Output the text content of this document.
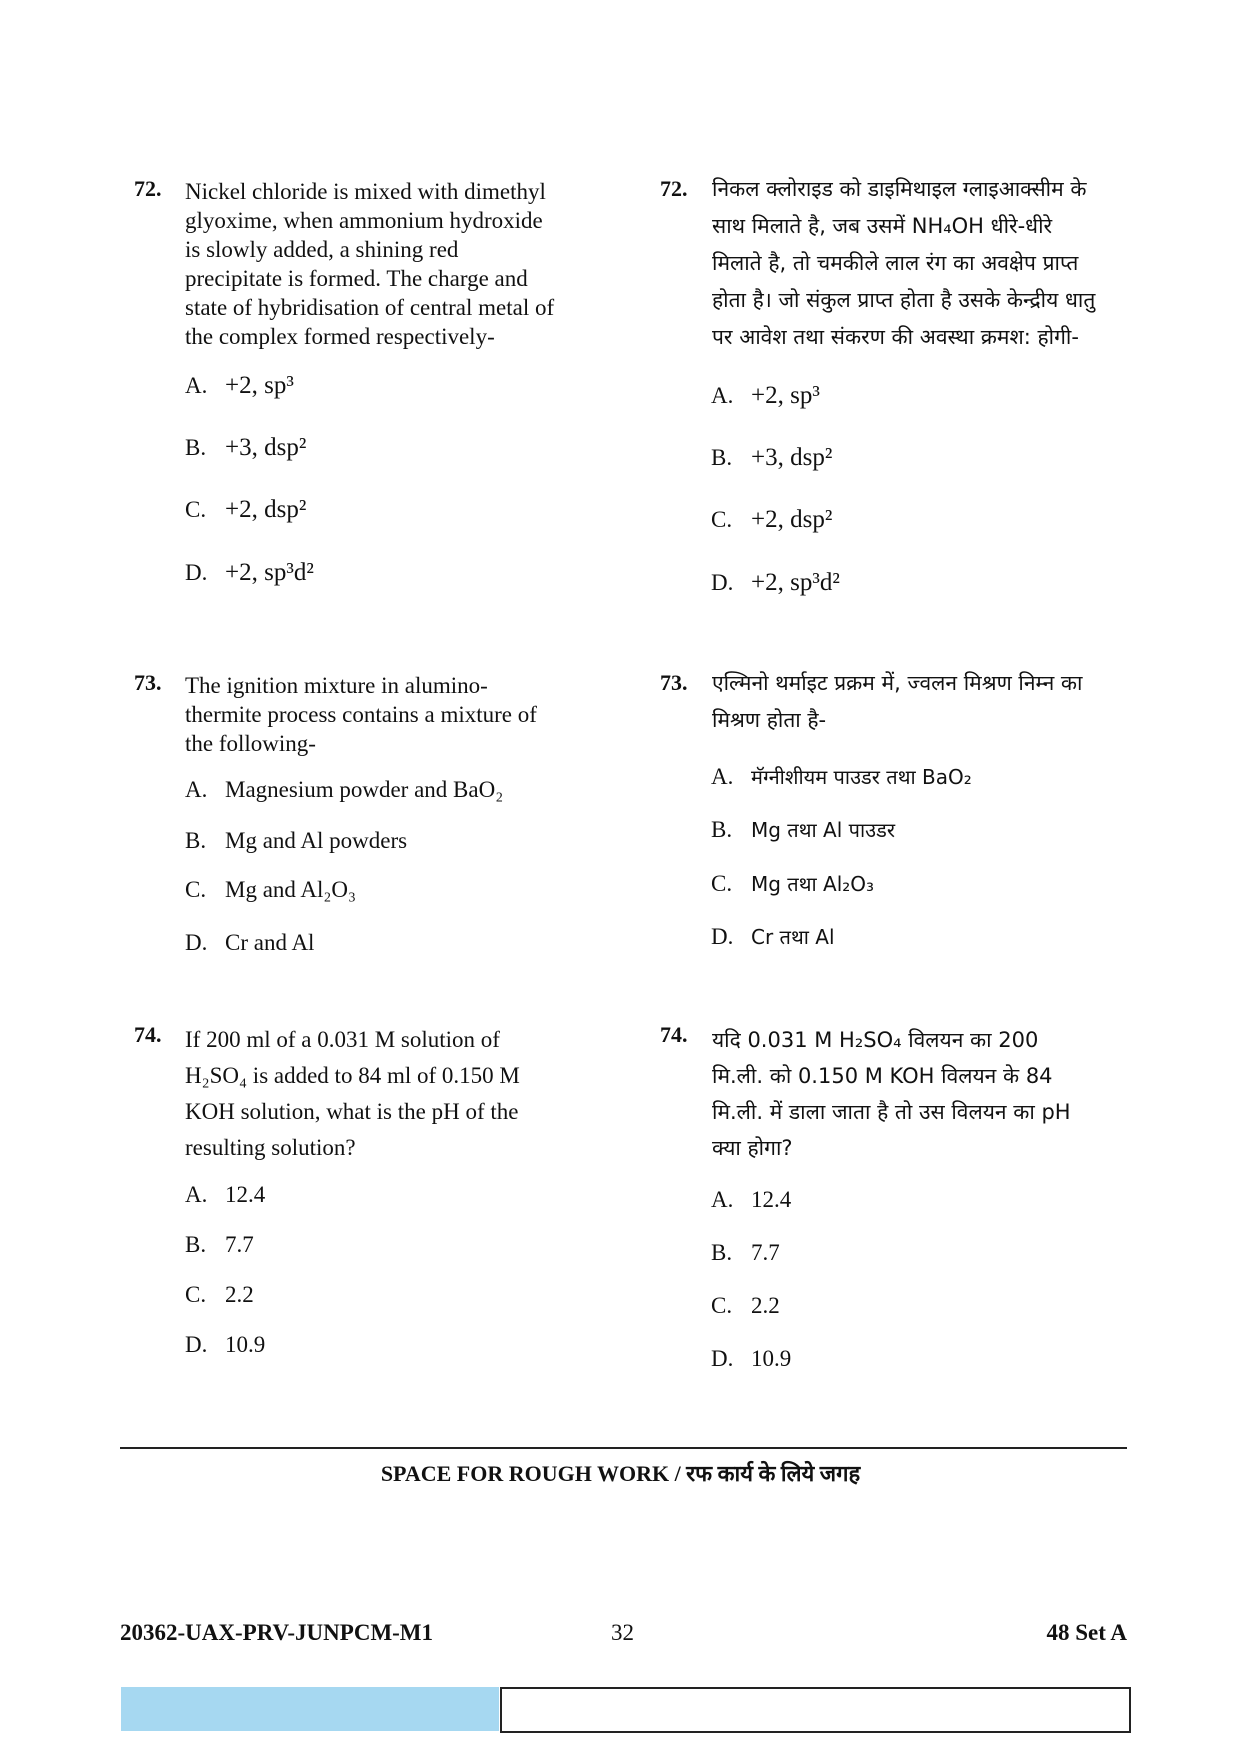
72. Nickel chloride is mixed with dimethyl
glyoxime, when ammonium hydroxide
is slowly added, a shining red
precipitate is formed. The charge and
state of hybridisation of central metal of
the complex formed respectively-
A. +2, sp³
B. +3, dsp²
C. +2, dsp²
D. +2, sp³d²
72. निकल क्लोराइड को डाइमिथाइल ग्लाइआक्सीम के
साथ मिलाते है, जब उसमें NH₄OH धीरे-धीरे
मिलाते है, तो चमकीले लाल रंग का अवक्षेप प्राप्त
होता है। जो संकुल प्राप्त होता है उसके केन्द्रीय धातु
पर आवेश तथा संकरण की अवस्था क्रमश: होगी-
A. +2, sp³
B. +3, dsp²
C. +2, dsp²
D. +2, sp³d²
73. The ignition mixture in alumino-
thermite process contains a mixture of
the following-
A. Magnesium powder and BaO₂
B. Mg and Al powders
C. Mg and Al₂O₃
D. Cr and Al
73. एल्मिनो थर्माइट प्रक्रम में, ज्वलन मिश्रण निम्न का
मिश्रण होता है-
A. मॅग्नीशीयम पाउडर तथा BaO₂
B. Mg तथा Al पाउडर
C. Mg तथा Al₂O₃
D. Cr तथा Al
74. If 200 ml of a 0.031 M solution of
H₂SO₄ is added to 84 ml of 0.150 M
KOH solution, what is the pH of the
resulting solution?
A. 12.4
B. 7.7
C. 2.2
D. 10.9
74. यदि 0.031 M H₂SO₄ विलयन का 200
मि.ली. को 0.150 M KOH विलयन के 84
मि.ली. में डाला जाता है तो उस विलयन का pH
क्या होगा?
A. 12.4
B. 7.7
C. 2.2
D. 10.9
SPACE FOR ROUGH WORK / रफ कार्य के लिये जगह
20362-UAX-PRV-JUNPCM-M1	32	48 Set A
